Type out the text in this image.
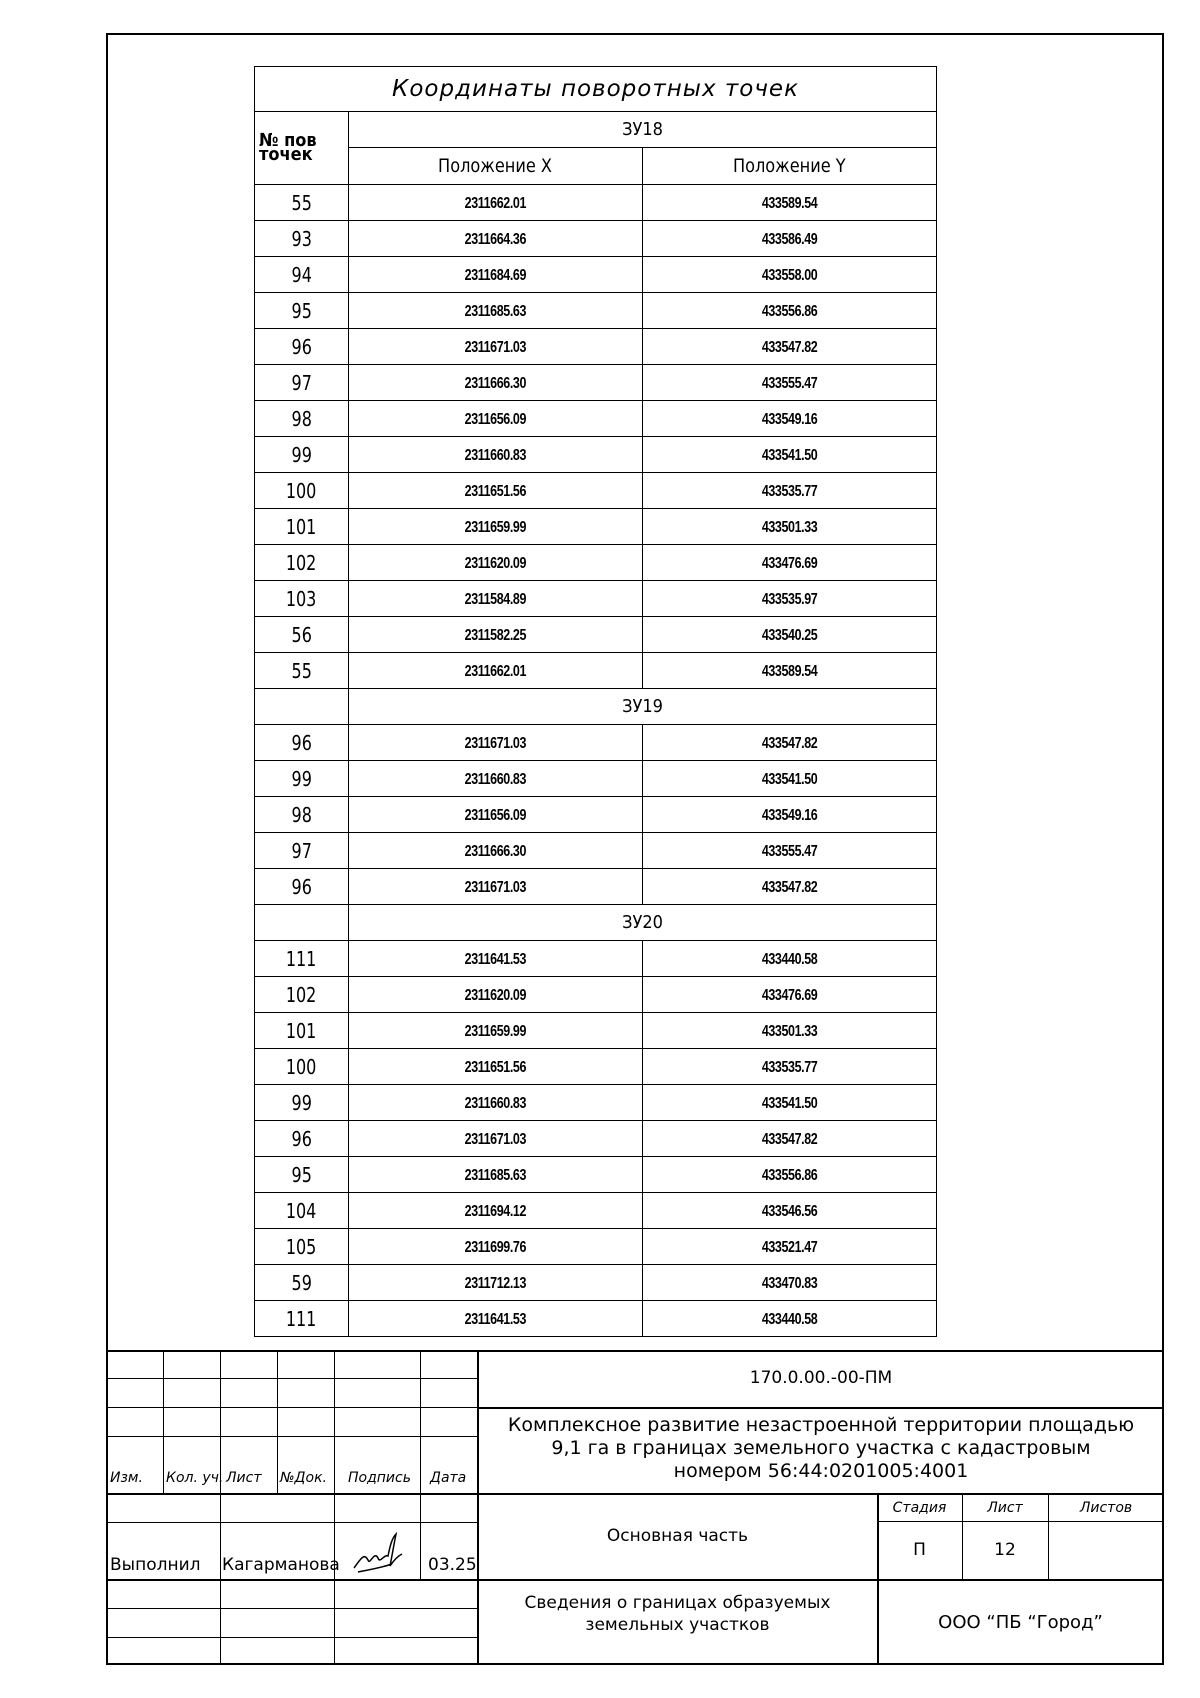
Координаты поворотных точек		
№ пов точек	ЗУ18	
	Положение X	Положение Y
55	2311662.01	433589.54
93	2311664.36	433586.49
94	2311684.69	433558.00
95	2311685.63	433556.86
96	2311671.03	433547.82
97	2311666.30	433555.47
98	2311656.09	433549.16
99	2311660.83	433541.50
100	2311651.56	433535.77
101	2311659.99	433501.33
102	2311620.09	433476.69
103	2311584.89	433535.97
56	2311582.25	433540.25
55	2311662.01	433589.54
	ЗУ19	
96	2311671.03	433547.82
99	2311660.83	433541.50
98	2311656.09	433549.16
97	2311666.30	433555.47
96	2311671.03	433547.82
	ЗУ20	
111	2311641.53	433440.58
102	2311620.09	433476.69
101	2311659.99	433501.33
100	2311651.56	433535.77
99	2311660.83	433541.50
96	2311671.03	433547.82
95	2311685.63	433556.86
104	2311694.12	433546.56
105	2311699.76	433521.47
59	2311712.13	433470.83
111	2311641.53	433440.58
Изм. Кол. уч. Лист №Док. Подпись Дата
Выполнил Кагарманова	03.25
170.0.00.-00-ПМ
Комплексное развитие незастроенной территории площадью
9,1 га в границах земельного участка с кадастровым
номером 56:44:0201005:4001
Основная часть
Стадия	Лист	Листов
П	12
Сведения о границах образуемых
земельных участков	ООО “ПБ “Город”
